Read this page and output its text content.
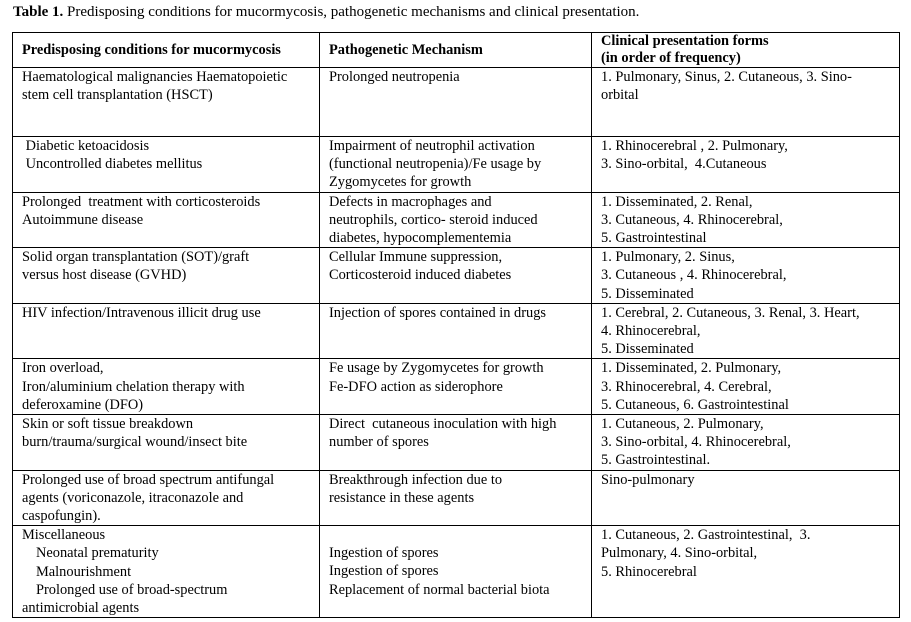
Table 1. Predisposing conditions for mucormycosis, pathogenetic mechanisms and clinical presentation.
Predisposing conditions for mucormycosis	Pathogenetic Mechanism	Clinical presentation forms
(in order of frequency)

Haematological malignancies Haematopoietic
stem cell transplantation (HSCT)	Prolonged neutropenia	1. Pulmonary, Sinus, 2. Cutaneous, 3. Sino-
orbital

Diabetic ketoacidosis
Uncontrolled diabetes mellitus	Impairment of neutrophil activation
(functional neutropenia)/Fe usage by
Zygomycetes for growth	1. Rhinocerebral , 2. Pulmonary,
3. Sino-orbital,  4.Cutaneous

Prolonged  treatment with corticosteroids
Autoimmune disease	Defects in macrophages and
neutrophils, cortico- steroid induced
diabetes, hypocomplementemia	1. Disseminated, 2. Renal,
3. Cutaneous, 4. Rhinocerebral,
5. Gastrointestinal

Solid organ transplantation (SOT)/graft
versus host disease (GVHD)	Cellular Immune suppression,
Corticosteroid induced diabetes	1. Pulmonary, 2. Sinus,
3. Cutaneous , 4. Rhinocerebral,
5. Disseminated

HIV infection/Intravenous illicit drug use	Injection of spores contained in drugs	1. Cerebral, 2. Cutaneous, 3. Renal, 3. Heart,
4. Rhinocerebral,
5. Disseminated

Iron overload,
Iron/aluminium chelation therapy with
deferoxamine (DFO)	Fe usage by Zygomycetes for growth
Fe-DFO action as siderophore	1. Disseminated, 2. Pulmonary,
3. Rhinocerebral, 4. Cerebral,
5. Cutaneous, 6. Gastrointestinal

Skin or soft tissue breakdown
burn/trauma/surgical wound/insect bite	Direct  cutaneous inoculation with high
number of spores	1. Cutaneous, 2. Pulmonary,
3. Sino-orbital, 4. Rhinocerebral,
5. Gastrointestinal.

Prolonged use of broad spectrum antifungal
agents (voriconazole, itraconazole and
caspofungin).	Breakthrough infection due to
resistance in these agents	Sino-pulmonary

Miscellaneous
Neonatal prematurity
Malnourishment
Prolonged use of broad-spectrum
antimicrobial agents	Ingestion of spores
Ingestion of spores
Replacement of normal bacterial biota	1. Cutaneous, 2. Gastrointestinal,  3.
Pulmonary, 4. Sino-orbital,
5. Rhinocerebral
